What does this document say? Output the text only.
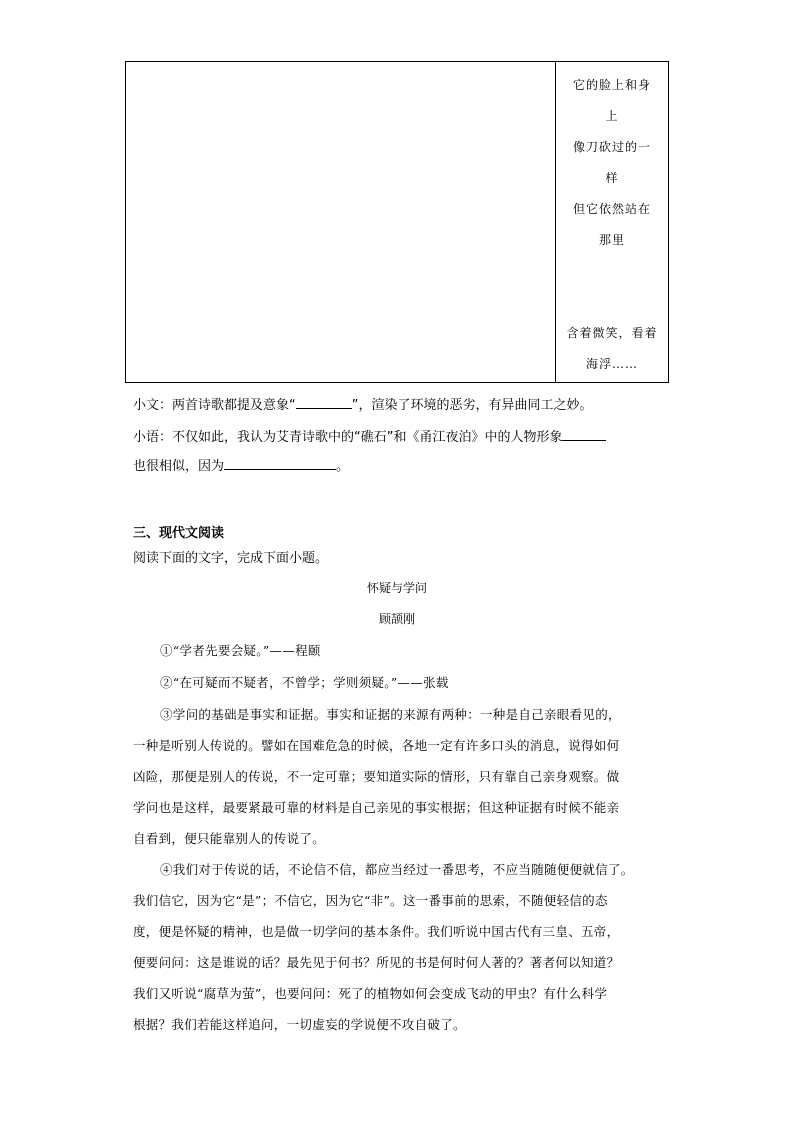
它的脸上和身
上
像刀砍过的一
样
但它依然站在
那里
含着微笑，看着
海浮……
小文：两首诗歌都提及意象“	”，渲染了环境的恶劣，有异曲同工之妙。
小语：不仅如此，我认为艾青诗歌中的“礁石”和《甬江夜泊》中的人物形象
也很相似，因为	。
三、现代文阅读
阅读下面的文字，完成下面小题。
怀疑与学问
顾颉刚
①“学者先要会疑。”——程颐
②“在可疑而不疑者，不曾学；学则须疑。”——张载
③学问的基础是事实和证据。事实和证据的来源有两种：一种是自己亲眼看见的，
一种是听别人传说的。譬如在国难危急的时候，各地一定有许多口头的消息，说得如何
凶险，那便是别人的传说，不一定可靠；要知道实际的情形，只有靠自己亲身观察。做
学问也是这样，最要紧最可靠的材料是自己亲见的事实根据；但这种证据有时候不能亲
自看到，便只能靠别人的传说了。
④我们对于传说的话，不论信不信，都应当经过一番思考，不应当随随便便就信了。
我们信它，因为它“是”；不信它，因为它“非”。这一番事前的思索，不随便轻信的态
度，便是怀疑的精神，也是做一切学问的基本条件。我们听说中国古代有三皇、五帝，
便要问问：这是谁说的话？最先见于何书？所见的书是何时何人著的？著者何以知道？
我们又听说“腐草为萤”，也要问问：死了的植物如何会变成飞动的甲虫？有什么科学
根据？我们若能这样追问，一切虚妄的学说便不攻自破了。
